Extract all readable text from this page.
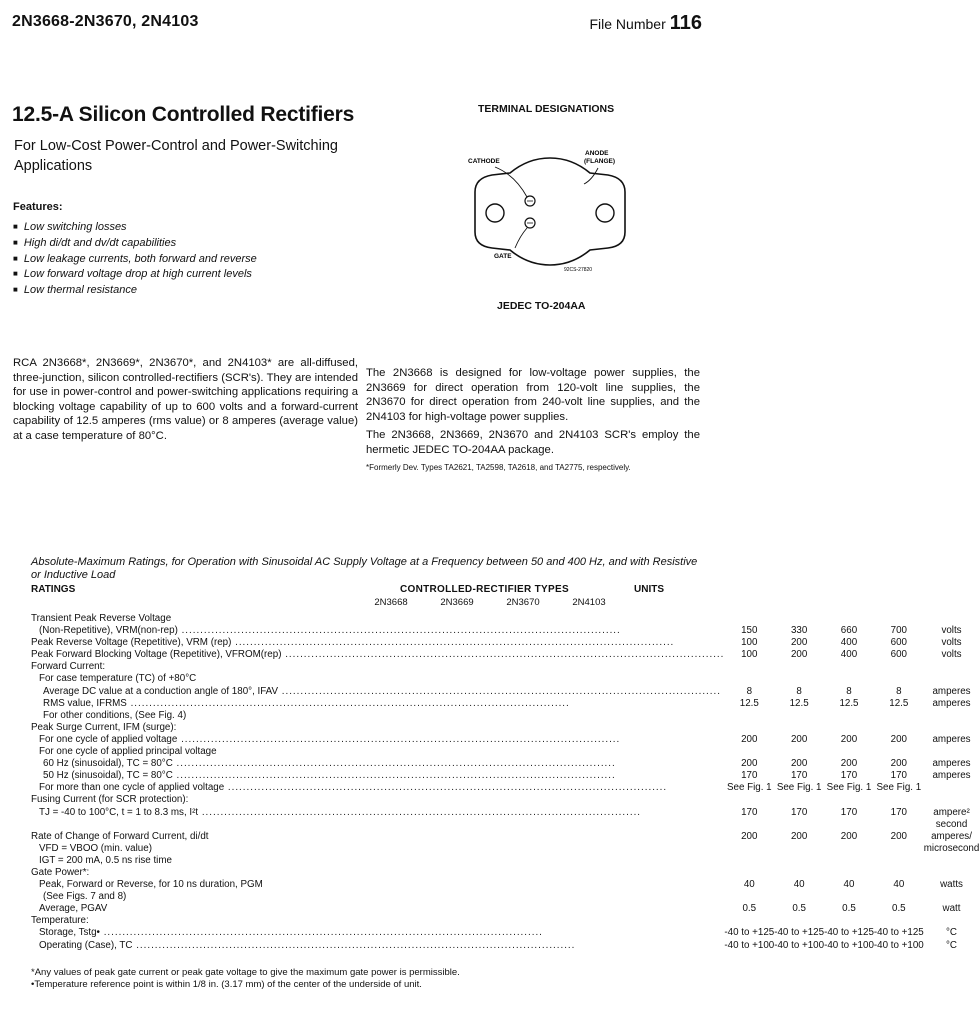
2N3668-2N3670, 2N4103	File Number 116
12.5-A Silicon Controlled Rectifiers
For Low-Cost Power-Control and Power-Switching Applications
Features:
■ Low switching losses
■ High di/dt and dv/dt capabilities
■ Low leakage currents, both forward and reverse
■ Low forward voltage drop at high current levels
■ Low thermal resistance
TERMINAL DESIGNATIONS
CATHODE
ANODE
(FLANGE)
GATE
92CS-27820
JEDEC TO-204AA

RCA 2N3668*, 2N3669*, 2N3670*, and 2N4103* are all-diffused, three-junction, silicon controlled-rectifiers (SCR's). They are intended for use in power-control and power-switching applications requiring a blocking voltage capability of up to 600 volts and a forward-current capability of 12.5 amperes (rms value) or 8 amperes (average value) at a case temperature of 80°C.

The 2N3668 is designed for low-voltage power supplies, the 2N3669 for direct operation from 120-volt line supplies, the 2N3670 for direct operation from 240-volt line supplies, and the 2N4103 for high-voltage power supplies.

The 2N3668, 2N3669, 2N3670 and 2N4103 SCR's employ the hermetic JEDEC TO-204AA package.

*Formerly Dev. Types TA2621, TA2598, TA2618, and TA2775, respectively.
Absolute-Maximum Ratings, for Operation with Sinusoidal AC Supply Voltage at a Frequency between 50 and 400 Hz, and with Resistive or Inductive Load
RATINGS	CONTROLLED-RECTIFIER TYPES	UNITS
2N3668	2N3669	2N3670	2N4103
Transient Peak Reverse Voltage					
(Non-Repetitive), VRM(non-rep) .....	150	330	660	700	volts
Peak Reverse Voltage (Repetitive), VRM (rep) .....	100	200	400	600	volts
Peak Forward Blocking Voltage (Repetitive), VFROM(rep) .....	100	200	400	600	volts
Forward Current:					
For case temperature (TC) of +80°C					
Average DC value at a conduction angle of 180°, IFAV .....	8	8	8	8	amperes
RMS value, IFRMS .....	12.5	12.5	12.5	12.5	amperes
For other conditions, (See Fig. 4)					
Peak Surge Current, IFM (surge):					
For one cycle of applied voltage .....	200	200	200	200	amperes
For one cycle of applied principal voltage					
60 Hz (sinusoidal), TC = 80°C .....	200	200	200	200	amperes
50 Hz (sinusoidal), TC = 80°C .....	170	170	170	170	amperes
For more than one cycle of applied voltage .....	See Fig. 1	See Fig. 1	See Fig. 1	See Fig. 1	
Fusing Current (for SCR protection):					
TJ = -40 to 100°C, t = 1 to 8.3 ms, I²t .....	170	170	170	170	ampere²
					second
Rate of Change of Forward Current, di/dt	200	200	200	200	amperes/
VFD = VBOO (min. value)					microsecond
IGT = 200 mA, 0.5 ns rise time					
Gate Power*:					
Peak, Forward or Reverse, for 10 ns duration, PGM	40	40	40	40	watts
(See Figs. 7 and 8)					
Average, PGAV	0.5	0.5	0.5	0.5	watt
Temperature:					
Storage, Tstg• .....	-40 to +125	-40 to +125	-40 to +125	-40 to +125	°C
Operating (Case), TC .....	-40 to +100	-40 to +100	-40 to +100	-40 to +100	°C
*Any values of peak gate current or peak gate voltage to give the maximum gate power is permissible.
•Temperature reference point is within 1/8 in. (3.17 mm) of the center of the underside of unit.
